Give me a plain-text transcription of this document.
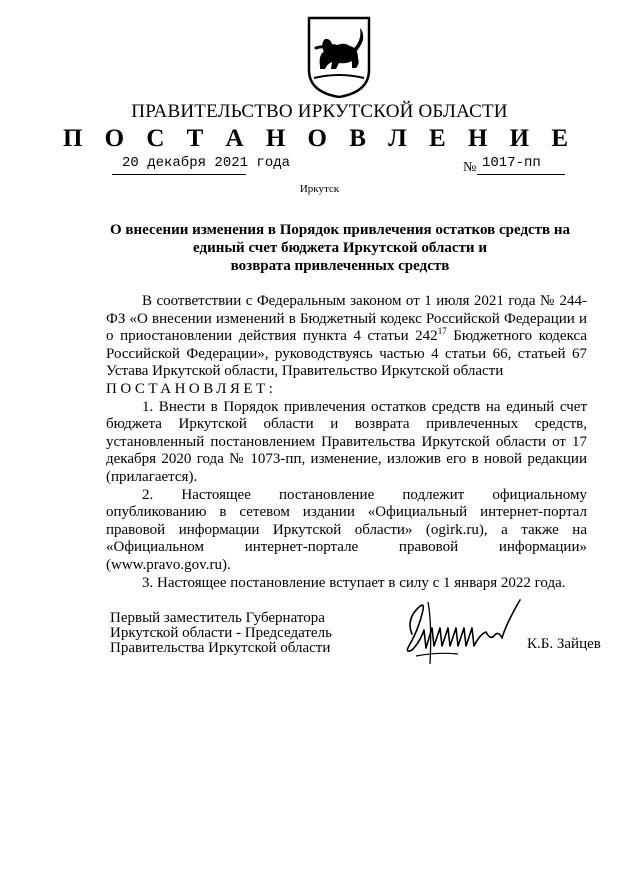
ПРАВИТЕЛЬСТВО ИРКУТСКОЙ ОБЛАСТИ
П О С Т А Н О В Л Е Н И Е
20 декабря 2021 года	№ 1017-пп
Иркутск
О внесении изменения в Порядок привлечения остатков средств на
единый счет бюджета Иркутской области и
возврата привлеченных средств

В соответствии с Федеральным законом от 1 июля 2021 года № 244-ФЗ «О внесении изменений в Бюджетный кодекс Российской Федерации и о приостановлении действия пункта 4 статьи $242^{17}$ Бюджетного кодекса Российской Федерации», руководствуясь частью 4 статьи 66, статьей 67 Устава Иркутской области, Правительство Иркутской области

ПОСТАНОВЛЯЕТ:

1. Внести в Порядок привлечения остатков средств на единый счет бюджета Иркутской области и возврата привлеченных средств, установленный постановлением Правительства Иркутской области от 17 декабря 2020 года № 1073-пп, изменение, изложив его в новой редакции (прилагается).

2. Настоящее постановление подлежит официальному опубликованию в сетевом издании «Официальный интернет-портал правовой информации Иркутской области» (ogirk.ru), а также на «Официальном интернет-портале правовой информации» (www.pravo.gov.ru).

3. Настоящее постановление вступает в силу с 1 января 2022 года.

Первый заместитель Губернатора
Иркутской области - Председатель
Правительства Иркутской области	К.Б. Зайцев
